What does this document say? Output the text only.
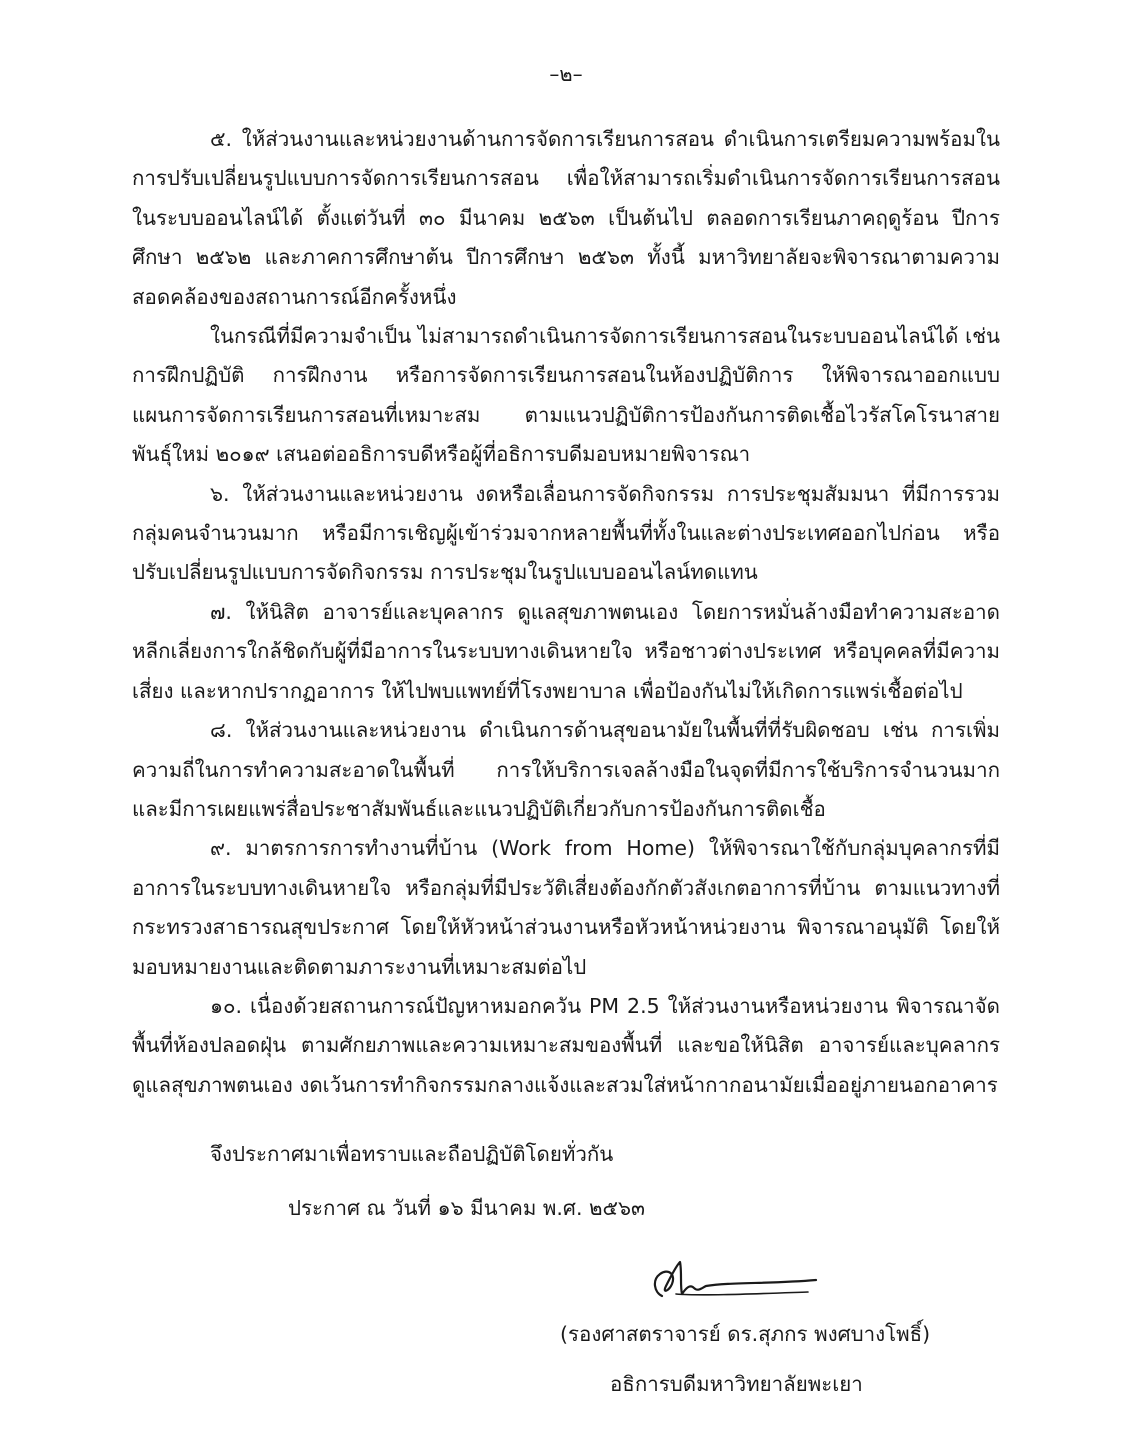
–๒–

๕. ให้ส่วนงานและหน่วยงานด้านการจัดการเรียนการสอน ดำเนินการเตรียมความพร้อมในการปรับเปลี่ยนรูปแบบการจัดการเรียนการสอน เพื่อให้สามารถเริ่มดำเนินการจัดการเรียนการสอนในระบบออนไลน์ได้ ตั้งแต่วันที่ ๓๐ มีนาคม ๒๕๖๓ เป็นต้นไป ตลอดการเรียนภาคฤดูร้อน ปีการศึกษา ๒๕๖๒ และภาคการศึกษาต้น ปีการศึกษา ๒๕๖๓ ทั้งนี้ มหาวิทยาลัยจะพิจารณาตามความสอดคล้องของสถานการณ์อีกครั้งหนึ่ง

ในกรณีที่มีความจำเป็น ไม่สามารถดำเนินการจัดการเรียนการสอนในระบบออนไลน์ได้ เช่น การฝึกปฏิบัติ การฝึกงาน หรือการจัดการเรียนการสอนในห้องปฏิบัติการ ให้พิจารณาออกแบบแผนการจัดการเรียนการสอนที่เหมาะสม ตามแนวปฏิบัติการป้องกันการติดเชื้อไวรัสโคโรนาสายพันธุ์ใหม่ ๒๐๑๙ เสนอต่ออธิการบดีหรือผู้ที่อธิการบดีมอบหมายพิจารณา

๖. ให้ส่วนงานและหน่วยงาน งดหรือเลื่อนการจัดกิจกรรม การประชุมสัมมนา ที่มีการรวมกลุ่มคนจำนวนมาก หรือมีการเชิญผู้เข้าร่วมจากหลายพื้นที่ทั้งในและต่างประเทศออกไปก่อน หรือปรับเปลี่ยนรูปแบบการจัดกิจกรรม การประชุมในรูปแบบออนไลน์ทดแทน

๗. ให้นิสิต อาจารย์และบุคลากร ดูแลสุขภาพตนเอง โดยการหมั่นล้างมือทำความสะอาด หลีกเลี่ยงการใกล้ชิดกับผู้ที่มีอาการในระบบทางเดินหายใจ หรือชาวต่างประเทศ หรือบุคคลที่มีความเสี่ยง และหากปรากฏอาการ ให้ไปพบแพทย์ที่โรงพยาบาล เพื่อป้องกันไม่ให้เกิดการแพร่เชื้อต่อไป

๘. ให้ส่วนงานและหน่วยงาน ดำเนินการด้านสุขอนามัยในพื้นที่ที่รับผิดชอบ เช่น การเพิ่มความถี่ในการทำความสะอาดในพื้นที่ การให้บริการเจลล้างมือในจุดที่มีการใช้บริการจำนวนมาก และมีการเผยแพร่สื่อประชาสัมพันธ์และแนวปฏิบัติเกี่ยวกับการป้องกันการติดเชื้อ

๙. มาตรการการทำงานที่บ้าน (Work from Home) ให้พิจารณาใช้กับกลุ่มบุคลากรที่มีอาการในระบบทางเดินหายใจ หรือกลุ่มที่มีประวัติเสี่ยงต้องกักตัวสังเกตอาการที่บ้าน ตามแนวทางที่กระทรวงสาธารณสุขประกาศ โดยให้หัวหน้าส่วนงานหรือหัวหน้าหน่วยงาน พิจารณาอนุมัติ โดยให้มอบหมายงานและติดตามภาระงานที่เหมาะสมต่อไป

๑๐. เนื่องด้วยสถานการณ์ปัญหาหมอกควัน PM 2.5 ให้ส่วนงานหรือหน่วยงาน พิจารณาจัดพื้นที่ห้องปลอดฝุ่น ตามศักยภาพและความเหมาะสมของพื้นที่ และขอให้นิสิต อาจารย์และบุคลากร ดูแลสุขภาพตนเอง งดเว้นการทำกิจกรรมกลางแจ้งและสวมใส่หน้ากากอนามัยเมื่ออยู่ภายนอกอาคาร

จึงประกาศมาเพื่อทราบและถือปฏิบัติโดยทั่วกัน
ประกาศ ณ วันที่ ๑๖ มีนาคม พ.ศ. ๒๕๖๓
(รองศาสตราจารย์ ดร.สุภกร พงศบางโพธิ์)
อธิการบดีมหาวิทยาลัยพะเยา
